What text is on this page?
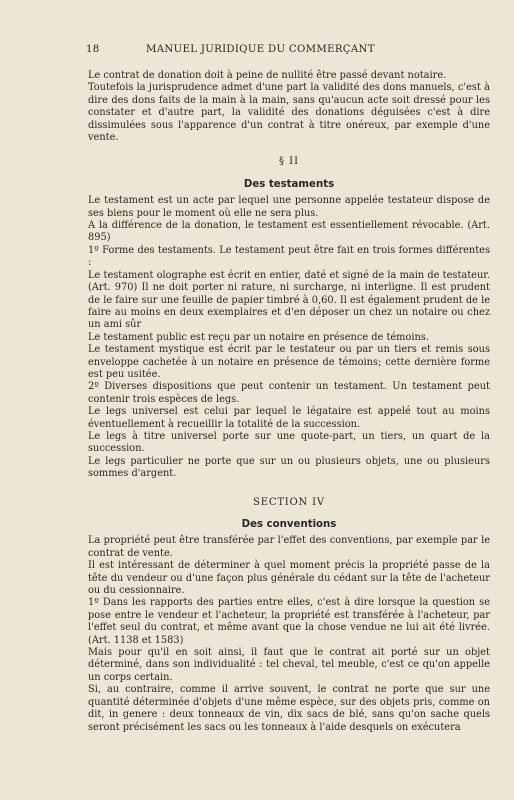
18	MANUEL JURIDIQUE DU COMMERÇANT

Le contrat de donation doit à peine de nullité être passé devant notaire.

Toutefois la jurisprudence admet d'une part la validité des dons manuels, c'est à dire des dons faits de la main à la main, sans qu'aucun acte soit dressé pour les constater et d'autre part, la validité des donations déguisées c'est à dire dissimulées sous l'apparence d'un contrat à titre onéreux, par exemple d'une vente.

§ II
Des testaments

Le testament est un acte par lequel une personne appelée testateur dispose de ses biens pour le moment où elle ne sera plus.

A la différence de la donation, le testament est essentiellement révocable. (Art. 895)

1º Forme des testaments. Le testament peut être fait en trois formes différentes :

Le testament olographe est écrit en entier, daté et signé de la main de testateur. (Art. 970) Il ne doit porter ni rature, ni surcharge, ni interligne. Il est prudent de le faire sur une feuille de papier timbré à 0,60. Il est également prudent de le faire au moins en deux exemplaires et d'en déposer un chez un notaire ou chez un ami sûr

Le testament public est reçu par un notaire en présence de témoins.

Le testament mystique est écrit par le testateur ou par un tiers et remis sous enveloppe cachetée à un notaire en présence de témoins; cette dernière forme est peu usitée.

2º Diverses dispositions que peut contenir un testament. Un testament peut contenir trois espèces de legs.

Le legs universel est celui par lequel le légataire est appelé tout au moins éventuellement à recueillir la totalité de la succession.

Le legs à titre universel porte sur une quote-part, un tiers, un quart de la succession.

Le legs particulier ne porte que sur un ou plusieurs objets, une ou plusieurs sommes d'argent.

SECTION IV
Des conventions

La propriété peut être transférée par l'effet des conventions, par exemple par le contrat de vente.

Il est intéressant de déterminer à quel moment précis la propriété passe de la tête du vendeur ou d'une façon plus générale du cédant sur la tête de l'acheteur ou du cessionnaire.

1º Dans les rapports des parties entre elles, c'est à dire lorsque la question se pose entre le vendeur et l'acheteur, la propriété est transférée à l'acheteur, par l'effet seul du contrat, et même avant que la chose vendue ne lui ait été livrée. (Art. 1138 et 1583)

Mais pour qu'il en soit ainsi, il faut que le contrat ait porté sur un objet déterminé, dans son individualité : tel cheval, tel meuble, c'est ce qu'on appelle un corps certain.

Si, au contraire, comme il arrive souvent, le contrat ne porte que sur une quantité déterminée d'objets d'une même espèce, sur des objets pris, comme on dit, in genere : deux tonneaux de vin, dix sacs de blé, sans qu'on sache quels seront précisément les sacs ou les tonneaux à l'aide desquels on exécutera
